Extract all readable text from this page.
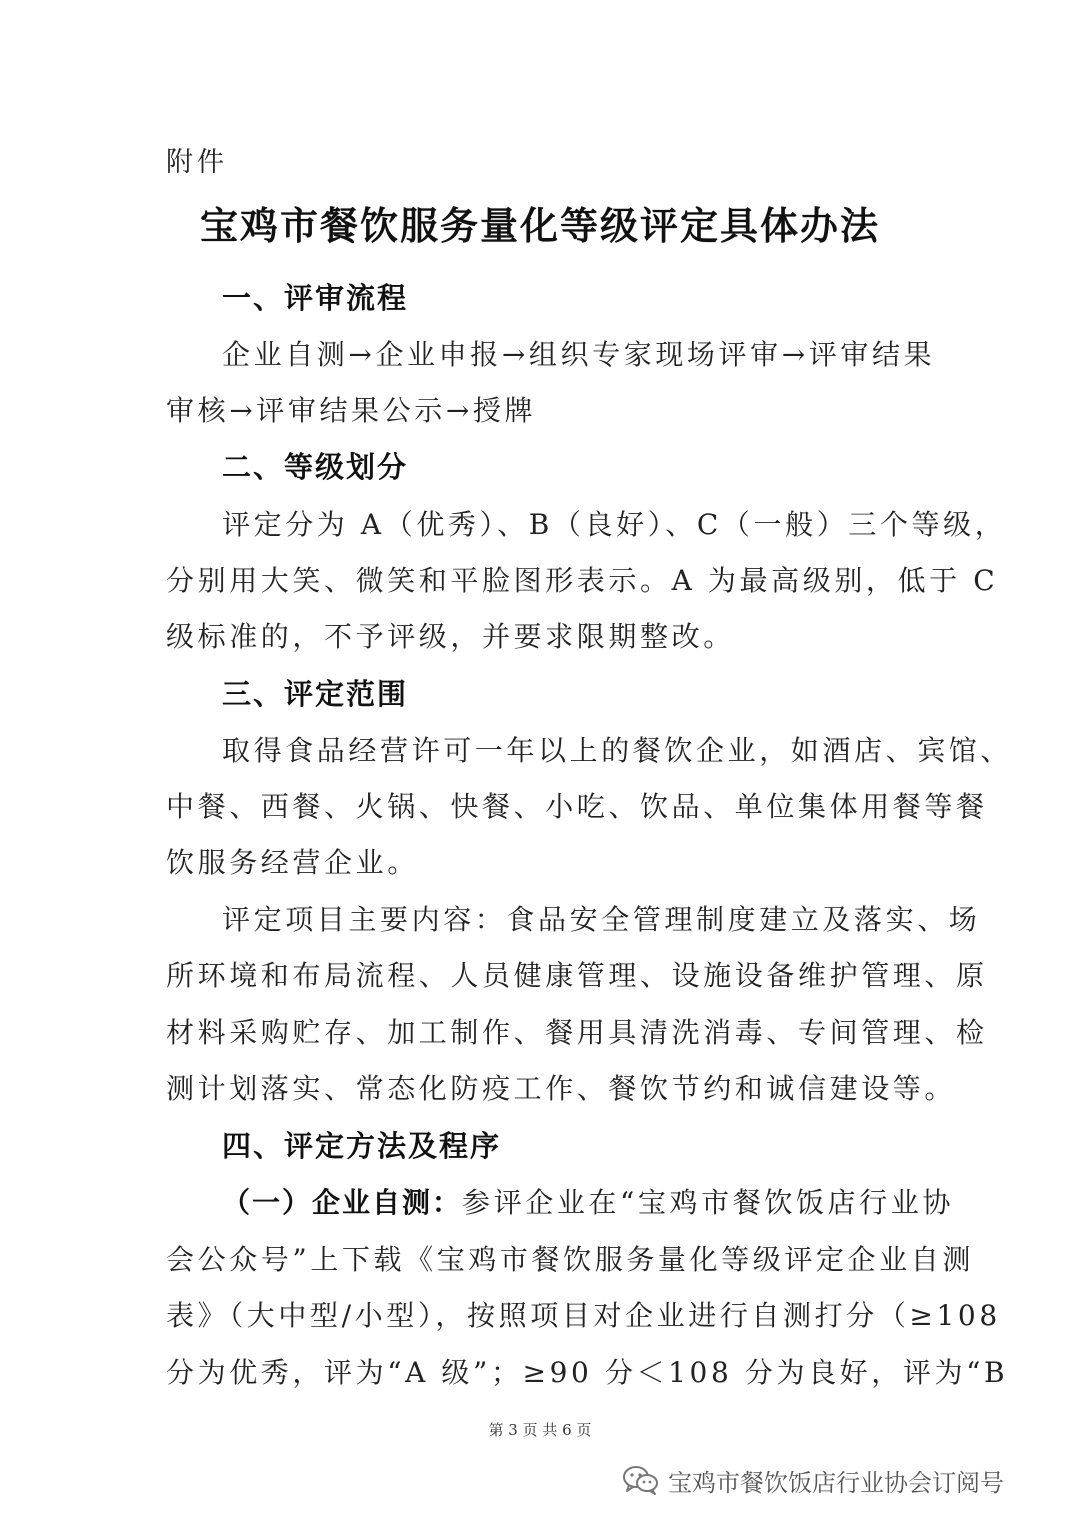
附件
宝鸡市餐饮服务量化等级评定具体办法
一、评审流程
企业自测→企业申报→组织专家现场评审→评审结果
审核→评审结果公示→授牌
二、等级划分
评定分为 A（优秀）、B（良好）、C（一般）三个等级，
分别用大笑、微笑和平脸图形表示。A 为最高级别，低于 C
级标准的，不予评级，并要求限期整改。
三、评定范围
取得食品经营许可一年以上的餐饮企业，如酒店、宾馆、
中餐、西餐、火锅、快餐、小吃、饮品、单位集体用餐等餐
饮服务经营企业。
评定项目主要内容：食品安全管理制度建立及落实、场
所环境和布局流程、人员健康管理、设施设备维护管理、原
材料采购贮存、加工制作、餐用具清洗消毒、专间管理、检
测计划落实、常态化防疫工作、餐饮节约和诚信建设等。
四、评定方法及程序
（一）企业自测：参评企业在“宝鸡市餐饮饭店行业协
会公众号”上下载《宝鸡市餐饮服务量化等级评定企业自测
表》（大中型/小型），按照项目对企业进行自测打分（≥108
分为优秀，评为“A 级”；≥90 分＜108 分为良好，评为“B
第 3 页 共 6 页
宝鸡市餐饮饭店行业协会订阅号
